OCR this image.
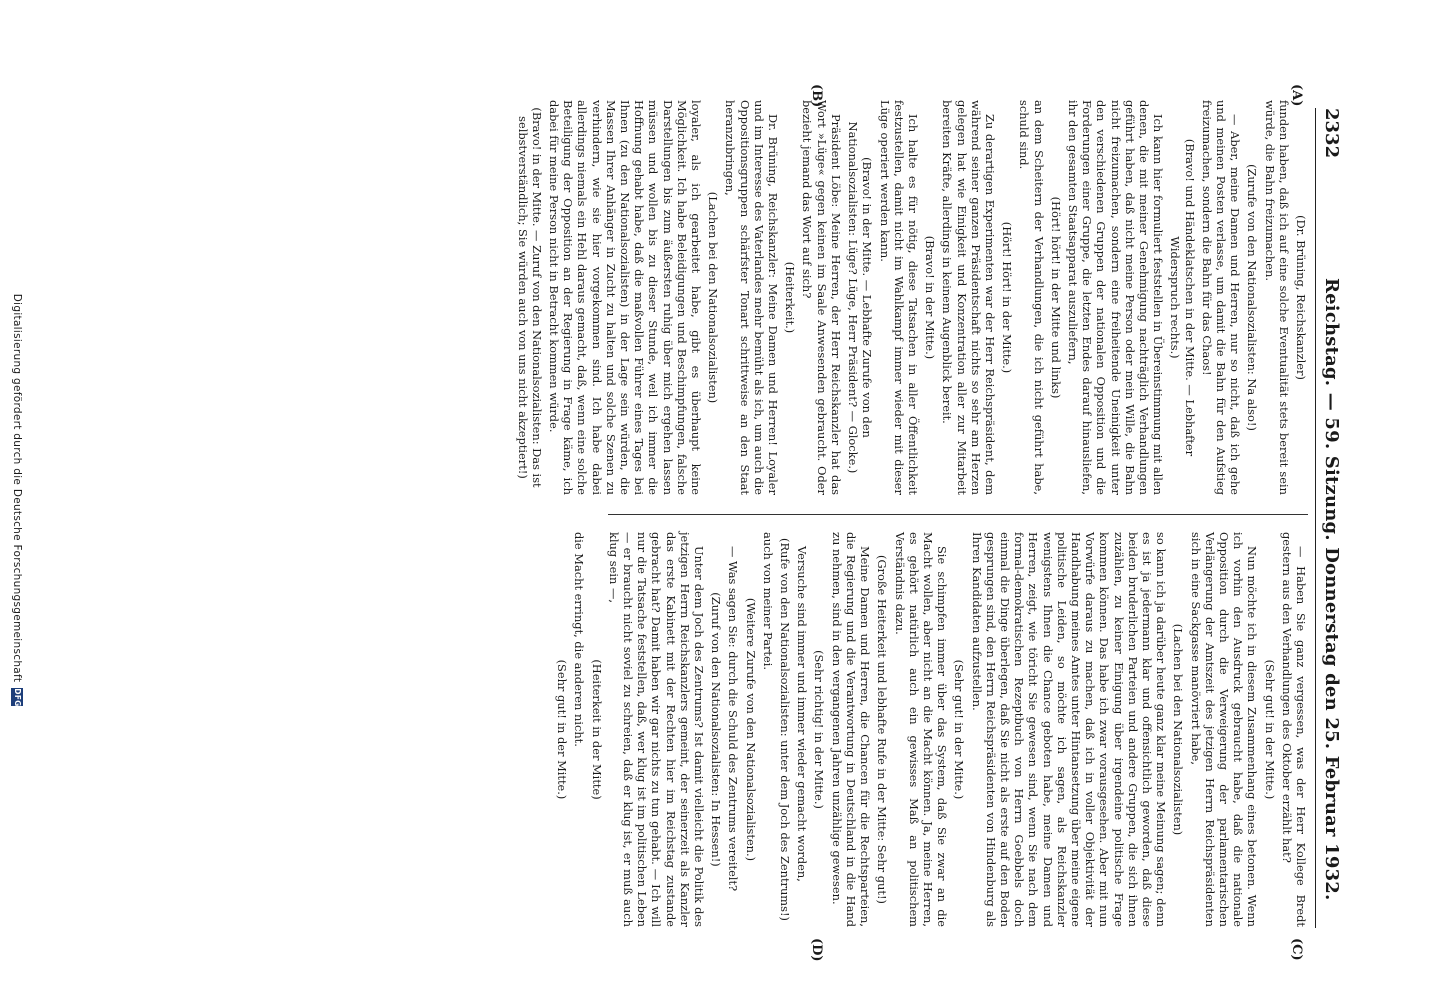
2332
Reichstag. — 59. Sitzung. Donnerstag den 25. Februar 1932.
(A)
(B)
(C)
(D)

(Dr. Brüning, Reichskanzler)

funden haben, daß ich auf eine solche Eventualität stets bereit sein würde, die Bahn freizumachen.

(Zurufe von den Nationalsozialisten: Na also!)

— Aber, meine Damen und Herren, nur so nicht, daß ich gehe und meinen Posten verlasse, um damit die Bahn für den Aufstieg freizumachen, sondern die Bahn für das Chaos!

(Bravo! und Händeklatschen in der Mitte. — Lebhafter Widerspruch rechts.)

Ich kann hier formuliert feststellen in Übereinstimmung mit allen denen, die mit meiner Genehmigung nachträglich Verhandlungen geführt haben, daß nicht meine Person oder mein Wille, die Bahn nicht freizumachen, sondern eine freiheitende Uneinigkeit unter den verschiedenen Gruppen der nationalen Opposition und die Forderungen einer Gruppe, die letzten Endes darauf hinausliefen, ihr den gesamten Staatsapparat auszuliefern,

(Hört! hört! in der Mitte und links)

an dem Scheitern der Verhandlungen, die ich nicht geführt habe, schuld sind.

(Hört! Hört! in der Mitte.)

Zu derartigen Experimenten war der Herr Reichspräsident, dem während seiner ganzen Präsidentschaft nichts so sehr am Herzen gelegen hat wie Einigkeit und Konzentration aller zur Mitarbeit bereiten Kräfte, allerdings in keinem Augenblick bereit.

(Bravo! in der Mitte.)

Ich halte es für nötig, diese Tatsachen in aller Öffentlichkeit festzustellen, damit nicht im Wahlkampf immer wieder mit dieser Lüge operiert werden kann.

(Bravo! in der Mitte. — Lebhafte Zurufe von den Nationalsozialisten: Lüge? Lüge, Herr Präsident? — Glocke.)

Präsident Löbe: Meine Herren, der Herr Reichskanzler hat das Wort »Lüge« gegen keinen im Saale Anwesenden gebraucht. Oder bezieht jemand das Wort auf sich?

(Heiterkeit.)

Dr. Brüning, Reichskanzler: Meine Damen und Herren! Loyaler und im Interesse des Vaterlandes mehr bemüht als ich, um auch die Oppositionsgruppen schärfster Tonart schrittweise an den Staat heranzubringen,

(Lachen bei den Nationalsozialisten)

loyaler, als ich gearbeitet habe, gibt es überhaupt keine Möglichkeit. Ich habe Beleidigungen und Beschimpfungen, falsche Darstellungen bis zum äußersten ruhig über mich ergehen lassen müssen und wollen bis zu dieser Stunde, weil ich immer die Hoffnung gehabt habe, daß die maßvollen Führer eines Tages bei Ihnen (zu den Nationalsozialisten) in der Lage sein würden, die Massen Ihrer Anhänger in Zucht zu halten und solche Szenen zu verhindern, wie sie hier vorgekommen sind. Ich habe dabei allerdings niemals ein Hehl daraus gemacht, daß, wenn eine solche Beteiligung der Opposition an der Regierung in Frage käme, ich dabei für meine Person nicht in Betracht kommen würde.

(Bravo! in der Mitte. — Zuruf von den Nationalsozialisten: Das ist selbstverständlich; Sie würden auch von uns nicht akzeptiert!)

— Haben Sie ganz vergessen, was der Herr Kollege Bredt gestern aus den Verhandlungen des Oktober erzählt hat?

(Sehr gut! in der Mitte.)

Nun möchte ich in diesem Zusammenhang eines betonen. Wenn ich vorhin den Ausdruck gebraucht habe, daß die nationale Opposition durch die Verweigerung der parlamentarischen Verlängerung der Amtszeit des jetzigen Herrn Reichspräsidenten sich in eine Sackgasse manövriert habe,

(Lachen bei den Nationalsozialisten)

so kann ich ja darüber heute ganz klar meine Meinung sagen; denn es ist ja jedermann klar und offensichtlich geworden, daß diese beiden bruderlichen Parteien und andere Gruppen, die sich ihnen zuzählen, zu keiner Einigung über irgendeine politische Frage kommen können. Das habe ich zwar vorausgesehen. Aber mit nun Vorwürfe daraus zu machen, daß ich in voller Objektivität der Handhabung meines Amtes unter Hintansetzung über meine eigene politische Leiden, so möchte ich sagen, als Reichskanzler wenigstens Ihnen die Chance geboten habe, meine Damen und Herren, zeigt, wie töricht Sie gewesen sind, wenn Sie nach dem formal-demokratischen Rezeptbuch von Herrn Goebbels doch einmal die Dinge überlegen, daß Sie nicht als erste auf den Boden gesprungen sind, den Herrn Reichspräsidenten von Hindenburg als Ihren Kandidaten aufzustellen.

(Sehr gut! in der Mitte.)

Sie schimpfen immer über das System, daß Sie zwar an die Macht wollen, aber nicht an die Macht können. Ja, meine Herren, es gehört natürlich auch ein gewisses Maß an politischem Verständnis dazu.

(Große Heiterkeit und lebhafte Rufe in der Mitte: Sehr gut!)

Meine Damen und Herren, die Chancen für die Rechtsparteien, die Regierung und die Verantwortung in Deutschland in die Hand zu nehmen, sind in den vergangenen Jahren unzählige gewesen.

(Sehr richtig! in der Mitte.)

Versuche sind immer und immer wieder gemacht worden,

(Rufe von den Nationalsozialisten: unter dem Joch des Zentrums!)

auch von meiner Partei.

(Weitere Zurufe von den Nationalsozialisten.)

— Was sagen Sie: durch die Schuld des Zentrums vereitelt?

(Zuruf von den Nationalsozialisten: In Hessen!)

Unter dem Joch des Zentrums? Ist damit vielleicht die Politik des jetzigen Herrn Reichskanzlers gemeint, der seinerzeit als Kanzler das erste Kabinett mit der Rechten hier im Reichstag zustande gebracht hat? Damit haben wir gar nichts zu tun gehabt. — Ich will nur die Tatsache feststellen, daß, wer klug ist im politischen Leben — er braucht nicht soviel zu schreien, daß er klug ist, er muß auch klug sein —,

(Heiterkeit in der Mitte)

die Macht erringt, die anderen nicht.

(Sehr gut! in der Mitte.)

Digitalisierung gefördert durch die Deutsche Forschungsgemeinschaft
DFG
